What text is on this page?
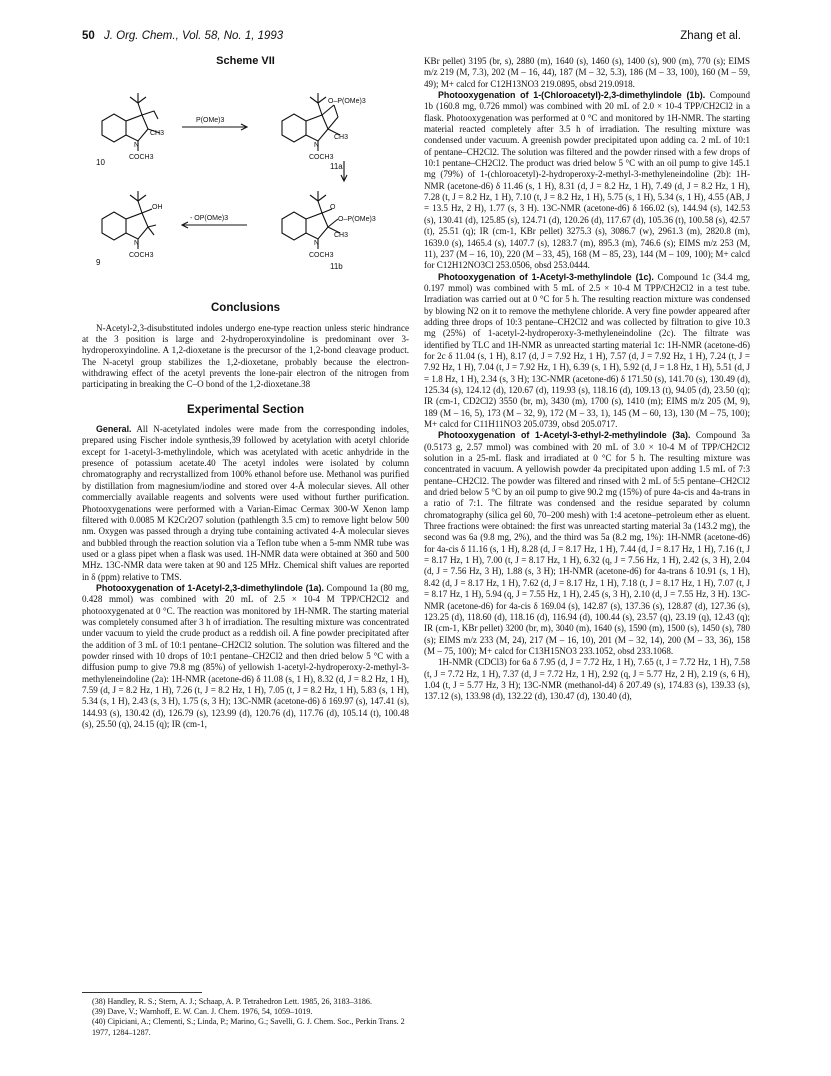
50 J. Org. Chem., Vol. 58, No. 1, 1993	Zhang et al.
Scheme VII
N
CH3
COCH3
10
P(OMe)3
O–P(OMe)3
N
CH3
COCH3
11a
O
O–P(OMe)3
N
CH3
COCH3
11b
- OP(OMe)3
OH
N
COCH3
9
Conclusions

N-Acetyl-2,3-disubstituted indoles undergo ene-type reaction unless steric hindrance at the 3 position is large and 2-hydroperoxyindoline is predominant over 3-hydroperoxyindoline. A 1,2-dioxetane is the precursor of the 1,2-bond cleavage product. The N-acetyl group stabilizes the 1,2-dioxetane, probably because the electron-withdrawing effect of the acetyl prevents the lone-pair electron of the nitrogen from participating in breaking the C–O bond of the 1,2-dioxetane.38

Experimental Section

General. All N-acetylated indoles were made from the corresponding indoles, prepared using Fischer indole synthesis,39 followed by acetylation with acetyl chloride except for 1-acetyl-3-methylindole, which was acetylated with acetic anhydride in the presence of potassium acetate.40 The acetyl indoles were isolated by column chromatography and recrystallized from 100% ethanol before use. Methanol was purified by distillation from magnesium/iodine and stored over 4-Å molecular sieves. All other commercially available reagents and solvents were used without further purification. Photooxygenations were performed with a Varian-Eimac Cermax 300-W Xenon lamp filtered with 0.0085 M K2Cr2O7 solution (pathlength 3.5 cm) to remove light below 500 nm. Oxygen was passed through a drying tube containing activated 4-Å molecular sieves and bubbled through the reaction solution via a Teflon tube when a 5-mm NMR tube was used or a glass pipet when a flask was used. 1H-NMR data were obtained at 360 and 500 MHz. 13C-NMR data were taken at 90 and 125 MHz. Chemical shift values are reported in δ (ppm) relative to TMS.

Photooxygenation of 1-Acetyl-2,3-dimethylindole (1a). Compound 1a (80 mg, 0.428 mmol) was combined with 20 mL of 2.5 × 10-4 M TPP/CH2Cl2 and photooxygenated at 0 °C. The reaction was monitored by 1H-NMR. The starting material was completely consumed after 3 h of irradiation. The resulting mixture was concentrated under vacuum to yield the crude product as a reddish oil. A fine powder precipitated after the addition of 3 mL of 10:1 pentane–CH2Cl2 solution. The solution was filtered and the powder rinsed with 10 drops of 10:1 pentane–CH2Cl2 and then dried below 5 °C with a diffusion pump to give 79.8 mg (85%) of yellowish 1-acetyl-2-hydroperoxy-2-methyl-3-methyleneindoline (2a): 1H-NMR (acetone-d6) δ 11.08 (s, 1 H), 8.32 (d, J = 8.2 Hz, 1 H), 7.59 (d, J = 8.2 Hz, 1 H), 7.26 (t, J = 8.2 Hz, 1 H), 7.05 (t, J = 8.2 Hz, 1 H), 5.83 (s, 1 H), 5.34 (s, 1 H), 2.43 (s, 3 H), 1.75 (s, 3 H); 13C-NMR (acetone-d6) δ 169.97 (s), 147.41 (s), 144.93 (s), 130.42 (d), 126.79 (s), 123.99 (d), 120.76 (d), 117.76 (d), 105.14 (t), 100.48 (s), 25.50 (q), 24.15 (q); IR (cm-1,

(38) Handley, R. S.; Stern, A. J.; Schaap, A. P. Tetrahedron Lett. 1985, 26, 3183–3186.

(39) Dave, V.; Warnhoff, E. W. Can. J. Chem. 1976, 54, 1059–1019.

(40) Cipiciani, A.; Clementi, S.; Linda, P.; Marino, G.; Savelli, G. J. Chem. Soc., Perkin Trans. 2 1977, 1284–1287.

KBr pellet) 3195 (br, s), 2880 (m), 1640 (s), 1460 (s), 1400 (s), 900 (m), 770 (s); EIMS m/z 219 (M, 7.3), 202 (M – 16, 44), 187 (M – 32, 5.3), 186 (M – 33, 100), 160 (M – 59, 49); M+ calcd for C12H13NO3 219.0895, obsd 219.0918.

Photooxygenation of 1-(Chloroacetyl)-2,3-dimethylindole (1b). Compound 1b (160.8 mg, 0.726 mmol) was combined with 20 mL of 2.0 × 10-4 TPP/CH2Cl2 in a flask. Photooxygenation was performed at 0 °C and monitored by 1H-NMR. The starting material reacted completely after 3.5 h of irradiation. The resulting mixture was condensed under vacuum. A greenish powder precipitated upon adding ca. 2 mL of 10:1 of pentane–CH2Cl2. The solution was filtered and the powder rinsed with a few drops of 10:1 pentane–CH2Cl2. The product was dried below 5 °C with an oil pump to give 145.1 mg (79%) of 1-(chloroacetyl)-2-hydroperoxy-2-methyl-3-methyleneindoline (2b): 1H-NMR (acetone-d6) δ 11.46 (s, 1 H), 8.31 (d, J = 8.2 Hz, 1 H), 7.49 (d, J = 8.2 Hz, 1 H), 7.28 (t, J = 8.2 Hz, 1 H), 7.10 (t, J = 8.2 Hz, 1 H), 5.75 (s, 1 H), 5.34 (s, 1 H), 4.55 (AB, J = 13.5 Hz, 2 H), 1.77 (s, 3 H). 13C-NMR (acetone-d6) δ 166.02 (s), 144.94 (s), 142.53 (s), 130.41 (d), 125.85 (s), 124.71 (d), 120.26 (d), 117.67 (d), 105.36 (t), 100.58 (s), 42.57 (t), 25.51 (q); IR (cm-1, KBr pellet) 3275.3 (s), 3086.7 (w), 2961.3 (m), 2820.8 (m), 1639.0 (s), 1465.4 (s), 1407.7 (s), 1283.7 (m), 895.3 (m), 746.6 (s); EIMS m/z 253 (M, 11), 237 (M – 16, 10), 220 (M – 33, 45), 168 (M – 85, 23), 144 (M – 109, 100); M+ calcd for C12H12NO3Cl 253.0506, obsd 253.0444.

Photooxygenation of 1-Acetyl-3-methylindole (1c). Compound 1c (34.4 mg, 0.197 mmol) was combined with 5 mL of 2.5 × 10-4 M TPP/CH2Cl2 in a test tube. Irradiation was carried out at 0 °C for 5 h. The resulting reaction mixture was condensed by blowing N2 on it to remove the methylene chloride. A very fine powder appeared after adding three drops of 10:3 pentane–CH2Cl2 and was collected by filtration to give 10.3 mg (25%) of 1-acetyl-2-hydroperoxy-3-methyleneindoline (2c). The filtrate was identified by TLC and 1H-NMR as unreacted starting material 1c: 1H-NMR (acetone-d6) for 2c δ 11.04 (s, 1 H), 8.17 (d, J = 7.92 Hz, 1 H), 7.57 (d, J = 7.92 Hz, 1 H), 7.24 (t, J = 7.92 Hz, 1 H), 7.04 (t, J = 7.92 Hz, 1 H), 6.39 (s, 1 H), 5.92 (d, J = 1.8 Hz, 1 H), 5.51 (d, J = 1.8 Hz, 1 H), 2.34 (s, 3 H); 13C-NMR (acetone-d6) δ 171.50 (s), 141.70 (s), 130.49 (d), 125.34 (s), 124.12 (d), 120.67 (d), 119.93 (s), 118.16 (d), 109.13 (t), 94.05 (d), 23.50 (q); IR (cm-1, CD2Cl2) 3550 (br, m), 3430 (m), 1700 (s), 1410 (m); EIMS m/z 205 (M, 9), 189 (M – 16, 5), 173 (M – 32, 9), 172 (M – 33, 1), 145 (M – 60, 13), 130 (M – 75, 100); M+ calcd for C11H11NO3 205.0739, obsd 205.0717.

Photooxygenation of 1-Acetyl-3-ethyl-2-methylindole (3a). Compound 3a (0.5173 g, 2.57 mmol) was combined with 20 mL of 3.0 × 10-4 M of TPP/CH2Cl2 solution in a 25-mL flask and irradiated at 0 °C for 5 h. The resulting mixture was concentrated in vacuum. A yellowish powder 4a precipitated upon adding 1.5 mL of 7:3 pentane–CH2Cl2. The powder was filtered and rinsed with 2 mL of 5:5 pentane–CH2Cl2 and dried below 5 °C by an oil pump to give 90.2 mg (15%) of pure 4a-cis and 4a-trans in a ratio of 7:1. The filtrate was condensed and the residue separated by column chromatography (silica gel 60, 70–200 mesh) with 1:4 acetone–petroleum ether as eluent. Three fractions were obtained: the first was unreacted starting material 3a (143.2 mg), the second was 6a (9.8 mg, 2%), and the third was 5a (8.2 mg, 1%): 1H-NMR (acetone-d6) for 4a-cis δ 11.16 (s, 1 H), 8.28 (d, J = 8.17 Hz, 1 H), 7.44 (d, J = 8.17 Hz, 1 H), 7.16 (t, J = 8.17 Hz, 1 H), 7.00 (t, J = 8.17 Hz, 1 H), 6.32 (q, J = 7.56 Hz, 1 H), 2.42 (s, 3 H), 2.04 (d, J = 7.56 Hz, 3 H), 1.88 (s, 3 H); 1H-NMR (acetone-d6) for 4a-trans δ 10.91 (s, 1 H), 8.42 (d, J = 8.17 Hz, 1 H), 7.62 (d, J = 8.17 Hz, 1 H), 7.18 (t, J = 8.17 Hz, 1 H), 7.07 (t, J = 8.17 Hz, 1 H), 5.94 (q, J = 7.55 Hz, 1 H), 2.45 (s, 3 H), 2.10 (d, J = 7.55 Hz, 3 H). 13C-NMR (acetone-d6) for 4a-cis δ 169.04 (s), 142.87 (s), 137.36 (s), 128.87 (d), 127.36 (s), 123.25 (d), 118.60 (d), 118.16 (d), 116.94 (d), 100.44 (s), 23.57 (q), 23.19 (q), 12.43 (q); IR (cm-1, KBr pellet) 3200 (br, m), 3040 (m), 1640 (s), 1590 (m), 1500 (s), 1450 (s), 780 (s); EIMS m/z 233 (M, 24), 217 (M – 16, 10), 201 (M – 32, 14), 200 (M – 33, 36), 158 (M – 75, 100); M+ calcd for C13H15NO3 233.1052, obsd 233.1068.

1H-NMR (CDCl3) for 6a δ 7.95 (d, J = 7.72 Hz, 1 H), 7.65 (t, J = 7.72 Hz, 1 H), 7.58 (t, J = 7.72 Hz, 1 H), 7.37 (d, J = 7.72 Hz, 1 H), 2.92 (q, J = 5.77 Hz, 2 H), 2.19 (s, 6 H), 1.04 (t, J = 5.77 Hz, 3 H); 13C-NMR (methanol-d4) δ 207.49 (s), 174.83 (s), 139.33 (s), 137.12 (s), 133.98 (d), 132.22 (d), 130.47 (d), 130.40 (d),
